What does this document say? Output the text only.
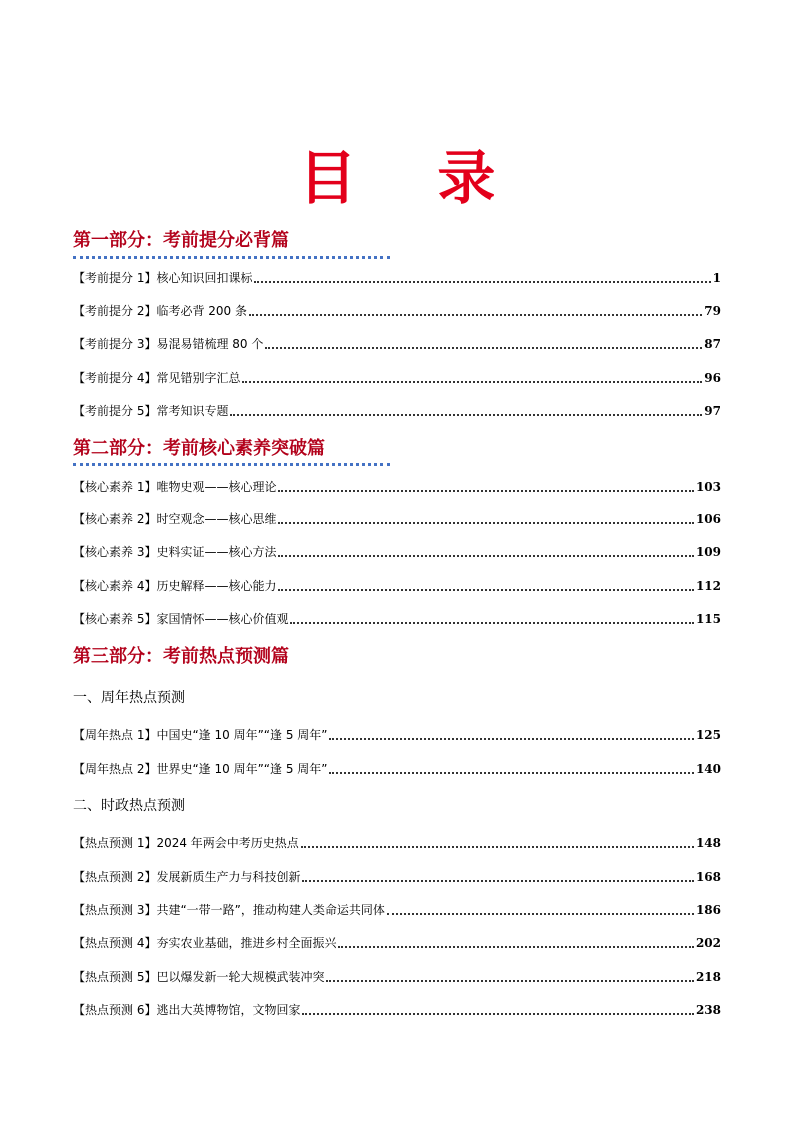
目    录
第一部分：考前提分必背篇
【考前提分 1】核心知识回扣课标	1
【考前提分 2】临考必背 200 条	79
【考前提分 3】易混易错梳理 80 个	87
【考前提分 4】常见错别字汇总	96
【考前提分 5】常考知识专题	97
第二部分：考前核心素养突破篇
【核心素养 1】唯物史观——核心理论	103
【核心素养 2】时空观念——核心思维	106
【核心素养 3】史料实证——核心方法	109
【核心素养 4】历史解释——核心能力	112
【核心素养 5】家国情怀——核心价值观	115
第三部分：考前热点预测篇
一、周年热点预测
【周年热点 1】中国史“逢 10 周年”“逢 5 周年”	125
【周年热点 2】世界史“逢 10 周年”“逢 5 周年”	140
二、时政热点预测
【热点预测 1】2024 年两会中考历史热点	148
【热点预测 2】发展新质生产力与科技创新	168
【热点预测 3】共建“一带一路”，推动构建人类命运共同体	186
【热点预测 4】夯实农业基础，推进乡村全面振兴	202
【热点预测 5】巴以爆发新一轮大规模武装冲突	218
【热点预测 6】逃出大英博物馆，文物回家	238
